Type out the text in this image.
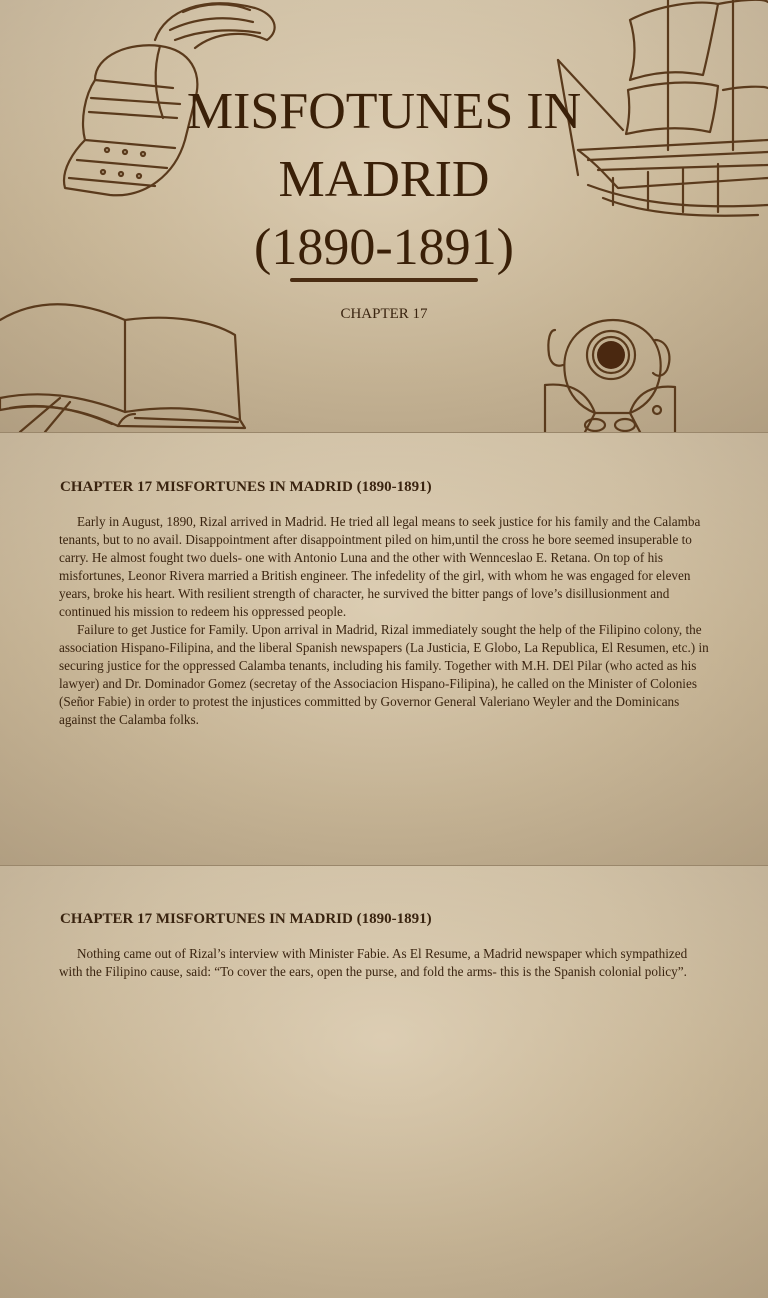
MISFOTUNES IN
MADRID
(1890-1891)
CHAPTER 17
CHAPTER 17 MISFORTUNES IN MADRID (1890-1891)

Early in August, 1890, Rizal arrived in Madrid. He tried all legal means to seek justice for his family and the Calamba tenants, but to no avail. Disappointment after disappointment piled on him,until the cross he bore seemed insuperable to carry. He almost fought two duels- one with Antonio Luna and the other with Wennceslao E. Retana. On top of his misfortunes, Leonor Rivera married a British engineer. The infedelity of the girl, with whom he was engaged for eleven years, broke his heart. With resilient strength of character, he survived the bitter pangs of love’s disillusionment and continued his mission to redeem his oppressed people.

Failure to get Justice for Family. Upon arrival in Madrid, Rizal immediately sought the help of the Filipino colony, the association Hispano-Filipina, and the liberal Spanish newspapers (La Justicia, E Globo, La Republica, El Resumen, etc.) in securing justice for the oppressed Calamba tenants, including his family. Together with M.H. DEl Pilar (who acted as his lawyer) and Dr. Dominador Gomez (secretay of the Associacion Hispano-Filipina), he called on the Minister of Colonies (Señor Fabie) in order to protest the injustices committed by Governor General Valeriano Weyler and the Dominicans against the Calamba folks.

CHAPTER 17 MISFORTUNES IN MADRID (1890-1891)

Nothing came out of Rizal’s interview with Minister Fabie. As El Resume, a Madrid newspaper which sympathized with the Filipino cause, said: “To cover the ears, open the purse, and fold the arms- this is the Spanish colonial policy”.
